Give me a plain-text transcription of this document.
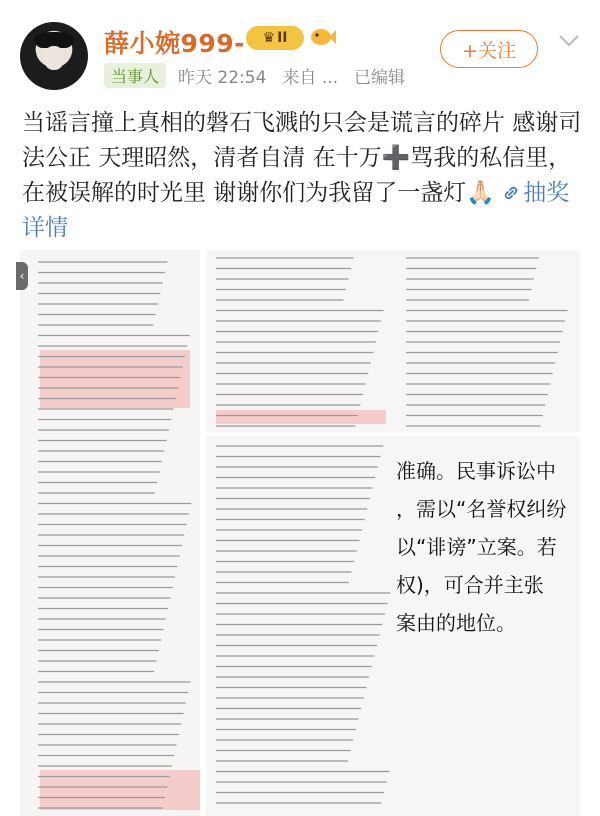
薛小婉999- ♛ II
+关注
当事人	昨天 22:54 来自 ... 已编辑
当谣言撞上真相的磐石飞溅的只会是谎言的碎片 感谢司法公正 天理昭然，清者自清 在十万➕骂我的私信里，在被误解的时光里 谢谢你们为我留了一盏灯🙏🏻 抽奖详情
‹
准确。民事诉讼中
，需以“名誉权纠纷
以“诽谤”立案。若
权)，可合并主张
案由的地位。
